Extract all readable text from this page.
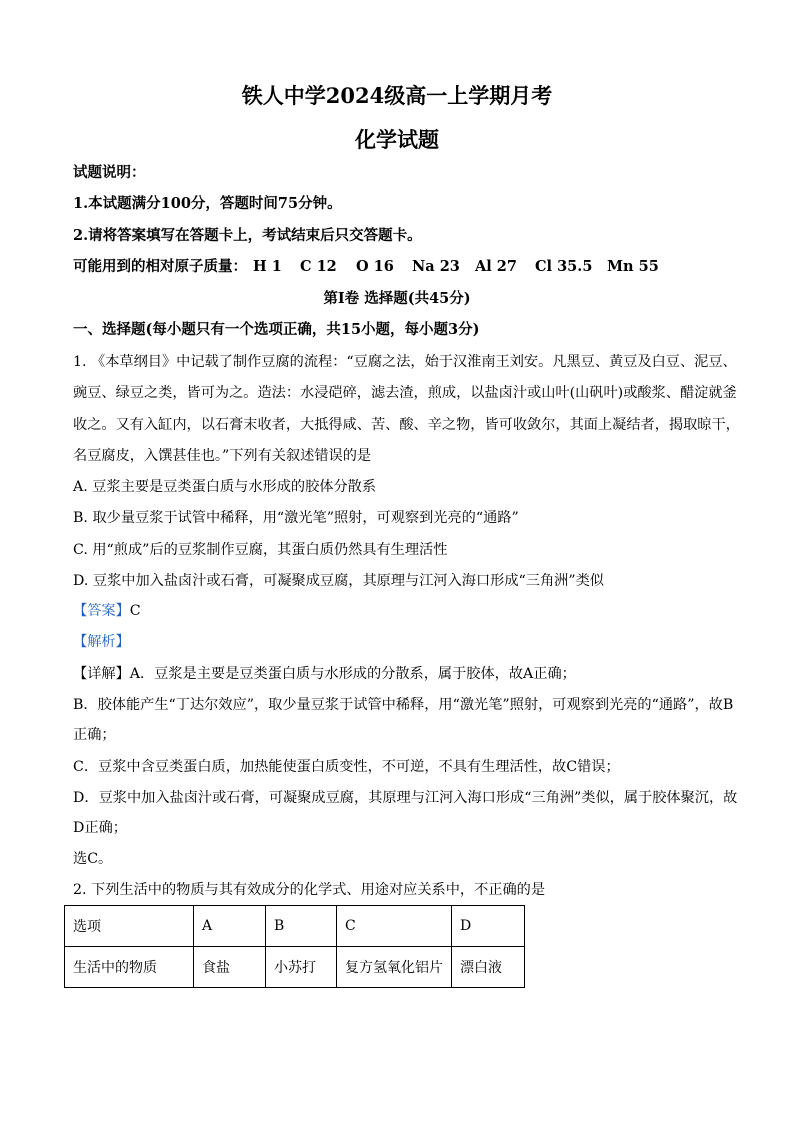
铁人中学2024级高一上学期月考
化学试题
试题说明：
1.本试题满分100分，答题时间75分钟。
2.请将答案填写在答题卡上，考试结束后只交答题卡。
可能用到的相对原子质量： H 1 C 12 O 16 Na 23 Al 27 Cl 35.5 Mn 55
第Ⅰ卷 选择题(共45分)
一、选择题(每小题只有一个选项正确，共15小题，每小题3分)
1. 《本草纲目》中记载了制作豆腐的流程：“豆腐之法，始于汉淮南王刘安。凡黑豆、黄豆及白豆、泥豆、
豌豆、绿豆之类，皆可为之。造法：水浸硙碎，滤去渣，煎成，以盐卤汁或山叶(山矾叶)或酸浆、醋淀就釜
收之。又有入缸内，以石膏末收者，大抵得咸、苦、酸、辛之物，皆可收敛尔，其面上凝结者，揭取晾干，
名豆腐皮，入馔甚佳也。”下列有关叙述错误的是
A. 豆浆主要是豆类蛋白质与水形成的胶体分散系
B. 取少量豆浆于试管中稀释，用“激光笔”照射，可观察到光亮的“通路”
C. 用“煎成”后的豆浆制作豆腐，其蛋白质仍然具有生理活性
D. 豆浆中加入盐卤汁或石膏，可凝聚成豆腐，其原理与江河入海口形成“三角洲”类似
【答案】C
【解析】
【详解】A．豆浆是主要是豆类蛋白质与水形成的分散系，属于胶体，故A正确；
B．胶体能产生“丁达尔效应”，取少量豆浆于试管中稀释，用“激光笔”照射，可观察到光亮的“通路”，故B
正确；
C．豆浆中含豆类蛋白质，加热能使蛋白质变性，不可逆，不具有生理活性，故C错误；
D．豆浆中加入盐卤汁或石膏，可凝聚成豆腐，其原理与江河入海口形成“三角洲”类似，属于胶体聚沉，故
D正确；
选C。
2. 下列生活中的物质与其有效成分的化学式、用途对应关系中，不正确的是
选项	A	B	C	D
生活中的物质	食盐	小苏打	复方氢氧化铝片	漂白液
